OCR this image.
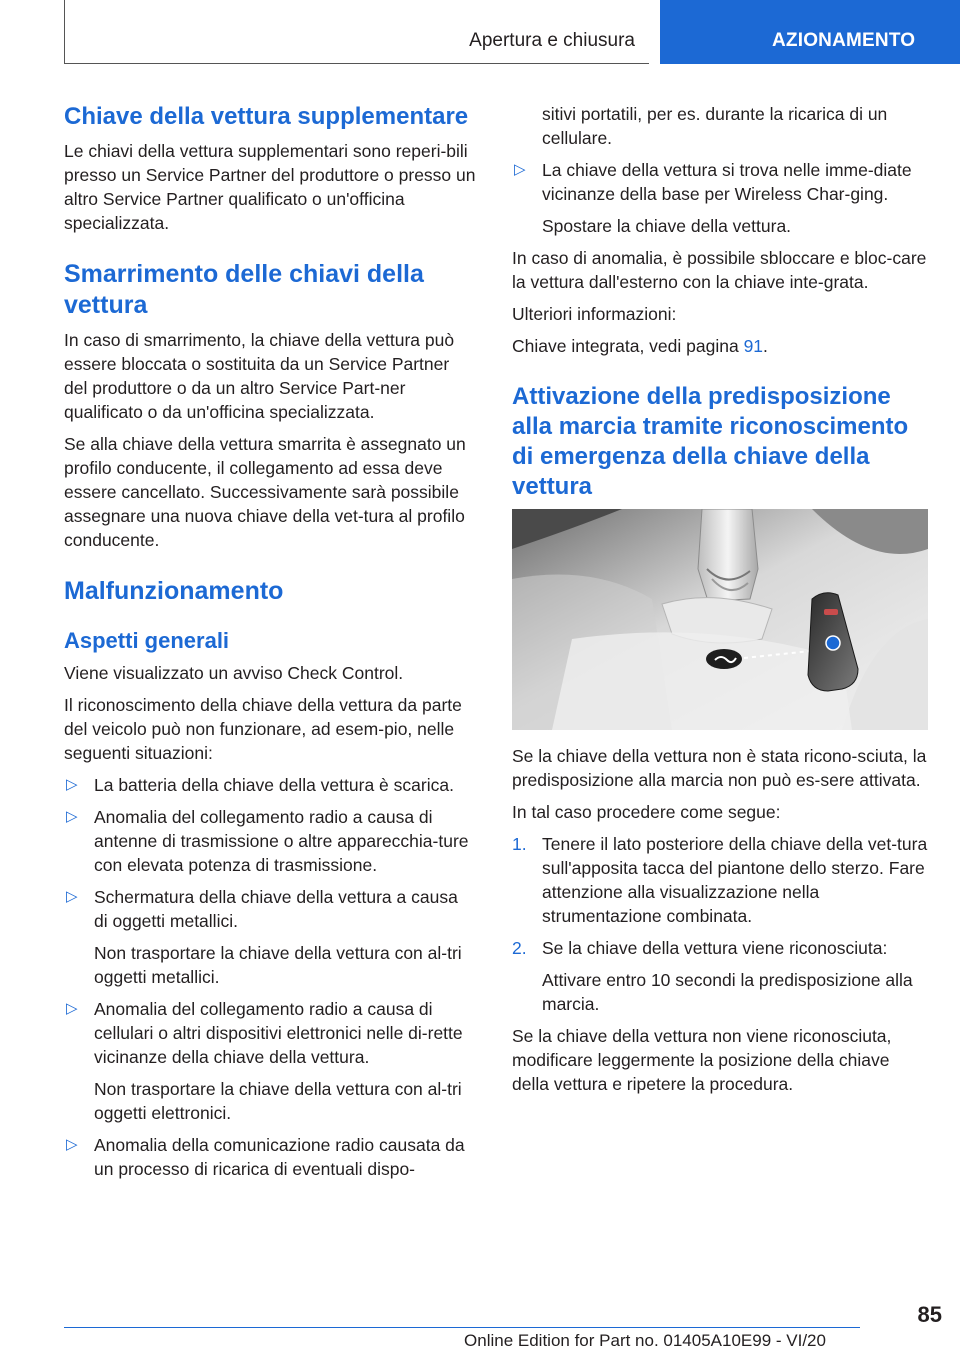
Apertura e chiusura	AZIONAMENTO
Chiave della vettura supplementare

Le chiavi della vettura supplementari sono reperi-bili presso un Service Partner del produttore o presso un altro Service Partner qualificato o un'officina specializzata.

Smarrimento delle chiavi della vettura

In caso di smarrimento, la chiave della vettura può essere bloccata o sostituita da un Service Partner del produttore o da un altro Service Part-ner qualificato o da un'officina specializzata.

Se alla chiave della vettura smarrita è assegnato un profilo conducente, il collegamento ad essa deve essere cancellato. Successivamente sarà possibile assegnare una nuova chiave della vet-tura al profilo conducente.

Malfunzionamento
Aspetti generali

Viene visualizzato un avviso Check Control.

Il riconoscimento della chiave della vettura da parte del veicolo può non funzionare, ad esem-pio, nelle seguenti situazioni:

▷ La batteria della chiave della vettura è scarica.
▷ Anomalia del collegamento radio a causa di antenne di trasmissione o altre apparecchia-ture con elevata potenza di trasmissione.
▷ Schermatura della chiave della vettura a causa di oggetti metallici.
Non trasportare la chiave della vettura con al-tri oggetti metallici.
▷ Anomalia del collegamento radio a causa di cellulari o altri dispositivi elettronici nelle di-rette vicinanze della chiave della vettura.
Non trasportare la chiave della vettura con al-tri oggetti elettronici.
▷ Anomalia della comunicazione radio causata da un processo di ricarica di eventuali dispo-

sitivi portatili, per es. durante la ricarica di un cellulare.

▷ La chiave della vettura si trova nelle imme-diate vicinanze della base per Wireless Char-ging.
Spostare la chiave della vettura.

In caso di anomalia, è possibile sbloccare e bloc-care la vettura dall'esterno con la chiave inte-grata.

Ulteriori informazioni:

Chiave integrata, vedi pagina 91.

Attivazione della predisposizione alla marcia tramite riconoscimento di emergenza della chiave della vettura

Se la chiave della vettura non è stata ricono-sciuta, la predisposizione alla marcia non può es-sere attivata.

In tal caso procedere come segue:

1. Tenere il lato posteriore della chiave della vet-tura sull'apposita tacca del piantone dello sterzo. Fare attenzione alla visualizzazione nella strumentazione combinata.
2. Se la chiave della vettura viene riconosciuta:
Attivare entro 10 secondi la predisposizione alla marcia.

Se la chiave della vettura non viene riconosciuta, modificare leggermente la posizione della chiave della vettura e ripetere la procedura.

85
Online Edition for Part no. 01405A10E99 - VI/20
